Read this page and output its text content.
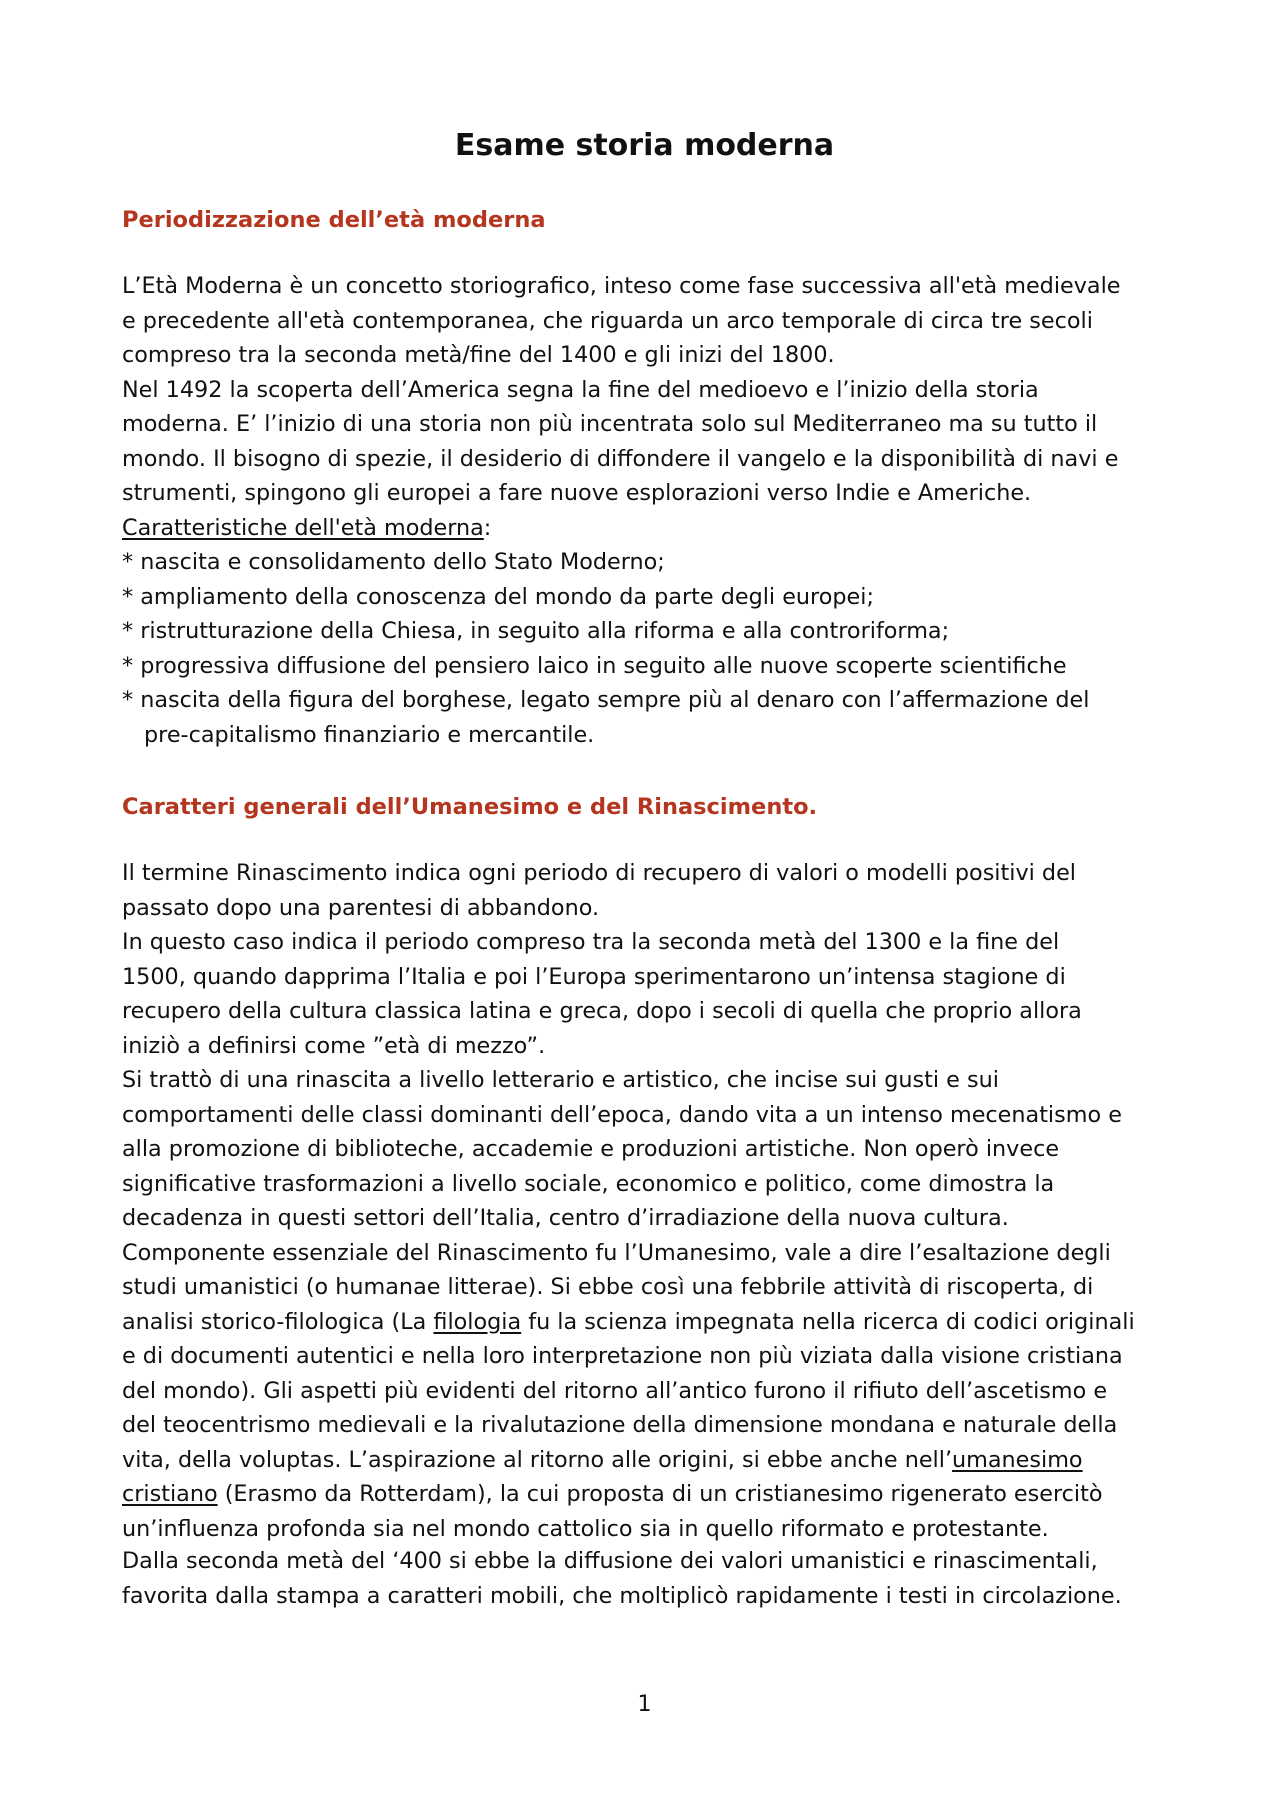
Esame storia moderna
Periodizzazione dell’età moderna
L’Età Moderna è un concetto storiografico, inteso come fase successiva all'età medievale
e precedente all'età contemporanea, che riguarda un arco temporale di circa tre secoli
compreso tra la seconda metà/fine del 1400 e gli inizi del 1800.
Nel 1492 la scoperta dell’America segna la fine del medioevo e l’inizio della storia
moderna. E’ l’inizio di una storia non più incentrata solo sul Mediterraneo ma su tutto il
mondo. Il bisogno di spezie, il desiderio di diffondere il vangelo e la disponibilità di navi e
strumenti, spingono gli europei a fare nuove esplorazioni verso Indie e Americhe.
Caratteristiche dell'età moderna:
* nascita e consolidamento dello Stato Moderno;
* ampliamento della conoscenza del mondo da parte degli europei;
* ristrutturazione della Chiesa, in seguito alla riforma e alla controriforma;
* progressiva diffusione del pensiero laico in seguito alle nuove scoperte scientifiche
* nascita della figura del borghese, legato sempre più al denaro con l’affermazione del
pre-capitalismo finanziario e mercantile.
Caratteri generali dell’Umanesimo e del Rinascimento.
Il termine Rinascimento indica ogni periodo di recupero di valori o modelli positivi del
passato dopo una parentesi di abbandono.
In questo caso indica il periodo compreso tra la seconda metà del 1300 e la fine del
1500, quando dapprima l’Italia e poi l’Europa sperimentarono un’intensa stagione di
recupero della cultura classica latina e greca, dopo i secoli di quella che proprio allora
iniziò a definirsi come ”età di mezzo”.
Si trattò di una rinascita a livello letterario e artistico, che incise sui gusti e sui
comportamenti delle classi dominanti dell’epoca, dando vita a un intenso mecenatismo e
alla promozione di biblioteche, accademie e produzioni artistiche. Non operò invece
significative trasformazioni a livello sociale, economico e politico, come dimostra la
decadenza in questi settori dell’Italia, centro d’irradiazione della nuova cultura.
Componente essenziale del Rinascimento fu l’Umanesimo, vale a dire l’esaltazione degli
studi umanistici (o humanae litterae). Si ebbe così una febbrile attività di riscoperta, di
analisi storico-filologica (La filologia fu la scienza impegnata nella ricerca di codici originali
e di documenti autentici e nella loro interpretazione non più viziata dalla visione cristiana
del mondo). Gli aspetti più evidenti del ritorno all’antico furono il rifiuto dell’ascetismo e
del teocentrismo medievali e la rivalutazione della dimensione mondana e naturale della
vita, della voluptas. L’aspirazione al ritorno alle origini, si ebbe anche nell’umanesimo
cristiano (Erasmo da Rotterdam), la cui proposta di un cristianesimo rigenerato esercitò
un’influenza profonda sia nel mondo cattolico sia in quello riformato e protestante.
Dalla seconda metà del ‘400 si ebbe la diffusione dei valori umanistici e rinascimentali,
favorita dalla stampa a caratteri mobili, che moltiplicò rapidamente i testi in circolazione.
1
